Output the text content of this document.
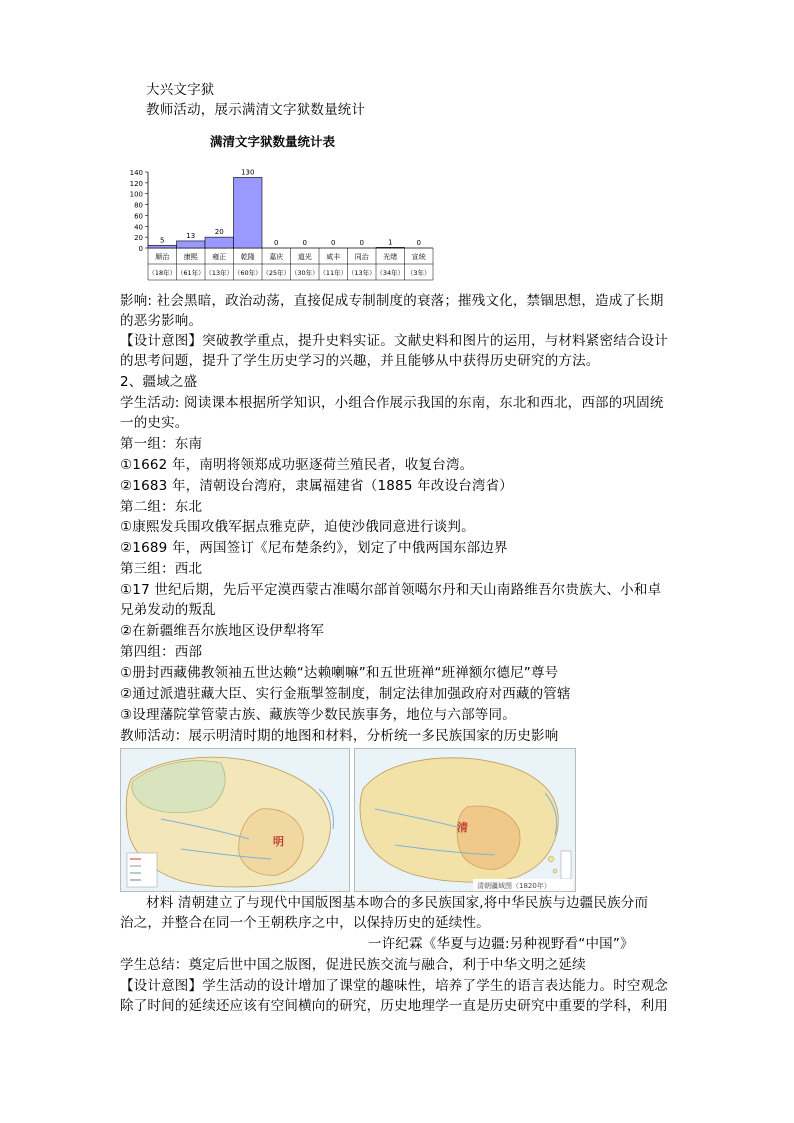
大兴文字狱
教师活动，展示满清文字狱数量统计
满清文字狱数量统计表
0
20
40
60
80
100
120
140
5
顺治
（18年）
13
康熙
（61年）
20
雍正
（13年）
130
乾隆
（60年）
0
嘉庆
（25年）
0
道光
（30年）
0
咸丰
（11年）
0
同治
（13年）
1
光绪
（34年）
0
宣统
（3年）
影响: 社会黑暗，政治动荡，直接促成专制制度的衰落；摧残文化，禁锢思想，造成了长期
的恶劣影响。
【设计意图】突破教学重点，提升史料实证。文献史料和图片的运用，与材料紧密结合设计
的思考问题，提升了学生历史学习的兴趣，并且能够从中获得历史研究的方法。
2、疆域之盛
学生活动: 阅读课本根据所学知识，小组合作展示我国的东南，东北和西北，西部的巩固统
一的史实。
第一组：东南
①1662 年，南明将领郑成功驱逐荷兰殖民者，收复台湾。
②1683 年，清朝设台湾府，隶属福建省（1885 年改设台湾省）
第二组：东北
①康熙发兵围攻俄军据点雅克萨，迫使沙俄同意进行谈判。
②1689 年，两国签订《尼布楚条约》，划定了中俄两国东部边界
第三组：西北
①17 世纪后期，先后平定漠西蒙古准噶尔部首领噶尔丹和天山南路维吾尔贵族大、小和卓
兄弟发动的叛乱
②在新疆维吾尔族地区设伊犁将军
第四组：西部
①册封西藏佛教领袖五世达赖“达赖喇嘛”和五世班禅“班禅额尔德尼”尊号
②通过派遣驻藏大臣、实行金瓶掣签制度，制定法律加强政府对西藏的管辖
③设理藩院掌管蒙古族、藏族等少数民族事务，地位与六部等同。
教师活动：展示明清时期的地图和材料，分析统一多民族国家的历史影响
明
清
清朝疆域图（1820年）
材料 清朝建立了与现代中国版图基本吻合的多民族国家,将中华民族与边疆民族分而
治之，并整合在同一个王朝秩序之中，以保持历史的延续性。
一许纪霖《华夏与边疆:另种视野看“中国”》
学生总结：奠定后世中国之版图，促进民族交流与融合，利于中华文明之延续
【设计意图】学生活动的设计增加了课堂的趣味性，培养了学生的语言表达能力。时空观念
除了时间的延续还应该有空间横向的研究，历史地理学一直是历史研究中重要的学科，利用
